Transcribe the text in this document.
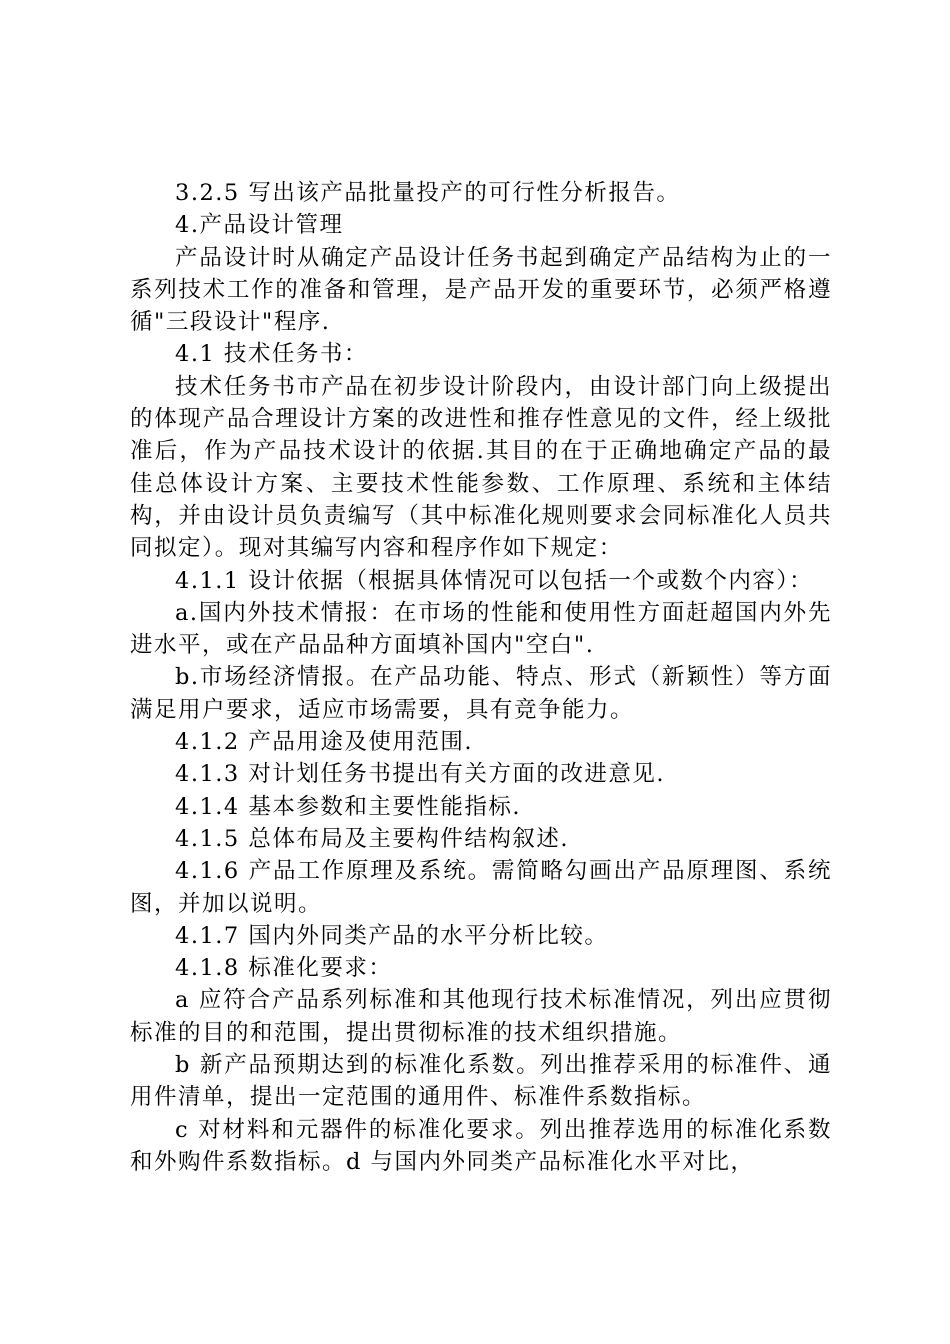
3.2.5 写出该产品批量投产的可行性分析报告。

4.产品设计管理

产品设计时从确定产品设计任务书起到确定产品结构为止的一系列技术工作的准备和管理，是产品开发的重要环节，必须严格遵循"三段设计"程序.

4.1 技术任务书：

技术任务书市产品在初步设计阶段内，由设计部门向上级提出的体现产品合理设计方案的改进性和推存性意见的文件，经上级批准后，作为产品技术设计的依据.其目的在于正确地确定产品的最佳总体设计方案、主要技术性能参数、工作原理、系统和主体结构，并由设计员负责编写（其中标准化规则要求会同标准化人员共同拟定）。现对其编写内容和程序作如下规定：

4.1.1 设计依据（根据具体情况可以包括一个或数个内容）：

a.国内外技术情报：在市场的性能和使用性方面赶超国内外先进水平，或在产品品种方面填补国内"空白".

b.市场经济情报。在产品功能、特点、形式（新颖性）等方面满足用户要求，适应市场需要，具有竞争能力。

4.1.2 产品用途及使用范围.

4.1.3 对计划任务书提出有关方面的改进意见.

4.1.4 基本参数和主要性能指标.

4.1.5 总体布局及主要构件结构叙述.

4.1.6 产品工作原理及系统。需简略勾画出产品原理图、系统图，并加以说明。

4.1.7 国内外同类产品的水平分析比较。

4.1.8 标准化要求：

a 应符合产品系列标准和其他现行技术标准情况，列出应贯彻标准的目的和范围，提出贯彻标准的技术组织措施。

b 新产品预期达到的标准化系数。列出推荐采用的标准件、通用件清单，提出一定范围的通用件、标准件系数指标。

c 对材料和元器件的标准化要求。列出推荐选用的标准化系数和外购件系数指标。d 与国内外同类产品标准化水平对比，
